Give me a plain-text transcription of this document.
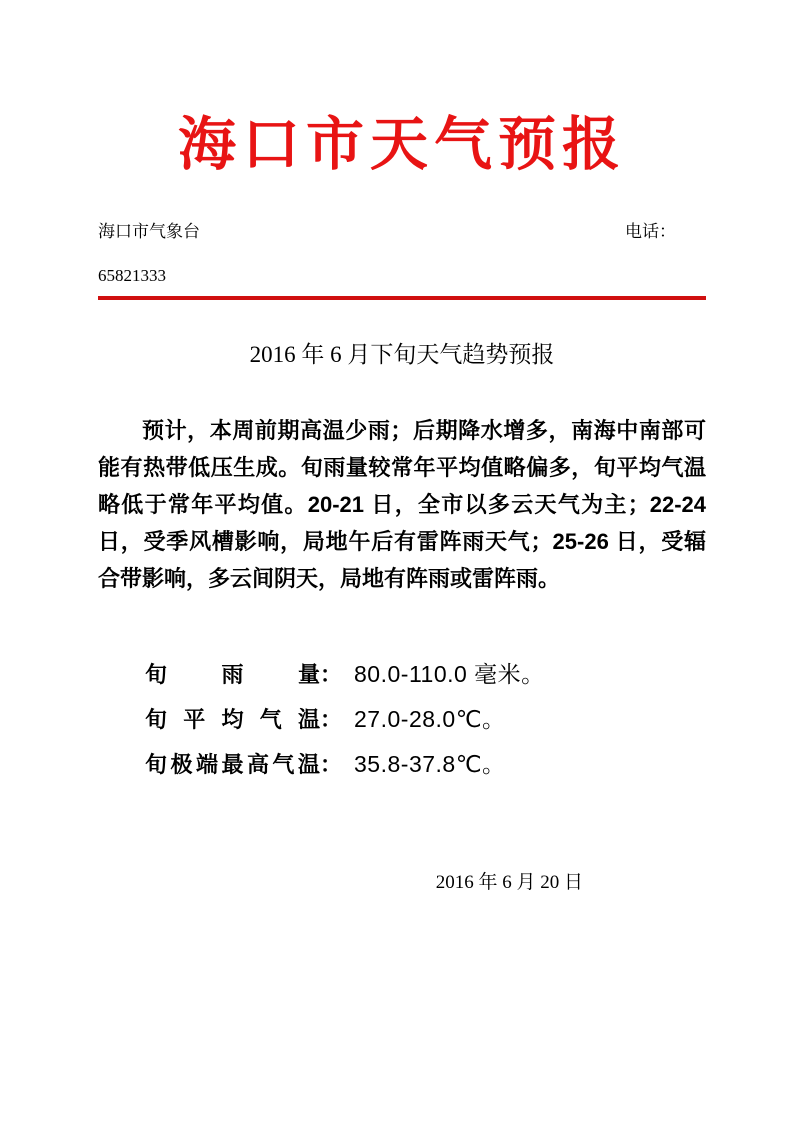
海口市天气预报
海口市气象台	电话：
65821333
2016 年 6 月下旬天气趋势预报
预计，本周前期高温少雨；后期降水增多，南海中南部可能有热带低压生成。旬雨量较常年平均值略偏多，旬平均气温略低于常年平均值。20-21 日，全市以多云天气为主；22-24 日，受季风槽影响，局地午后有雷阵雨天气；25-26 日，受辐合带影响，多云间阴天，局地有阵雨或雷阵雨。
旬 雨 量 ： 80.0-110.0 毫米。
旬 平 均 气 温 ： 27.0-28.0℃。
旬 极 端 最 高 气 温 ： 35.8-37.8℃。
2016 年 6 月 20 日
